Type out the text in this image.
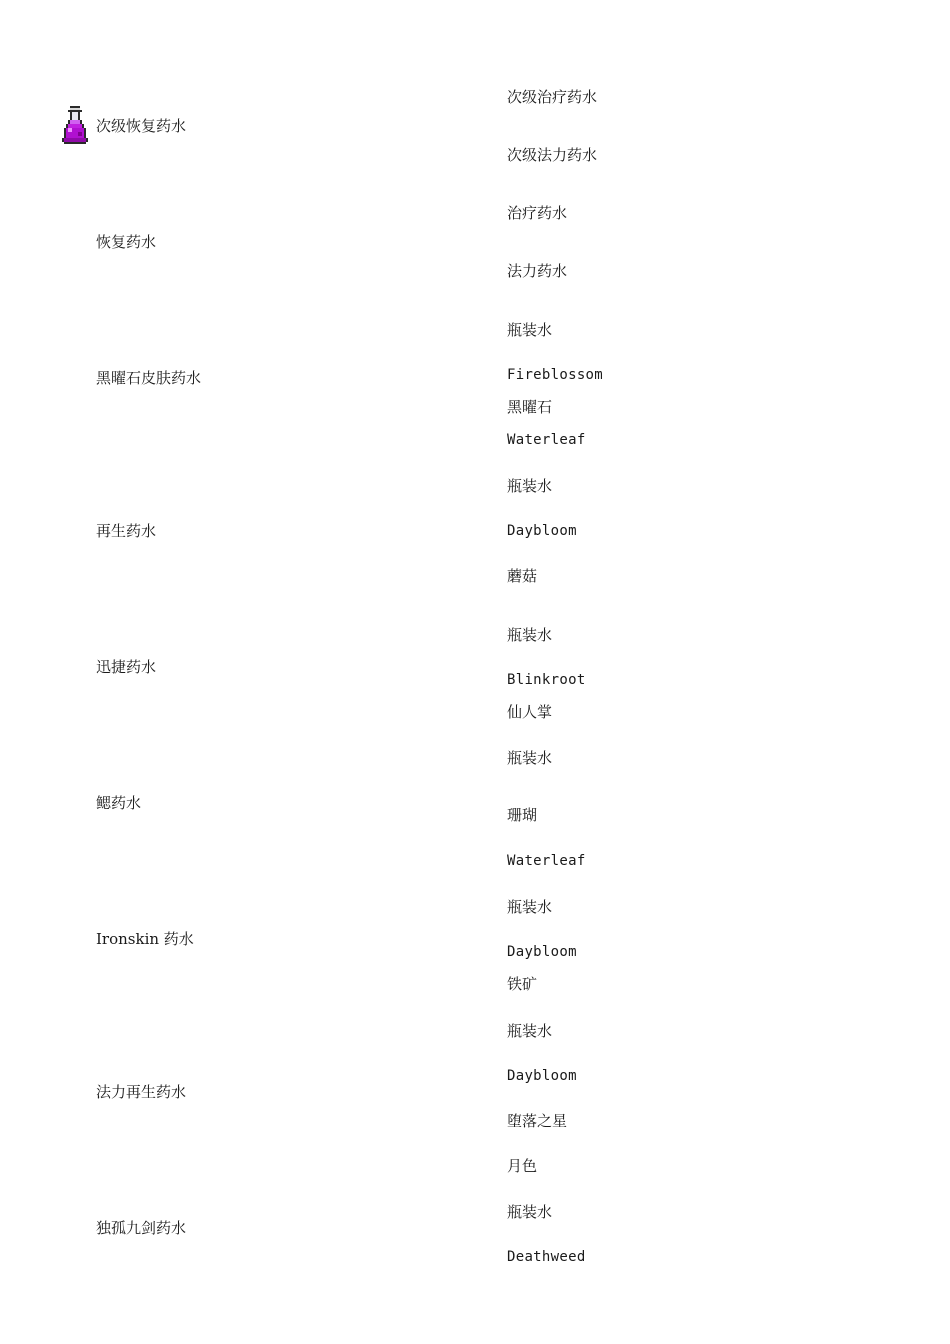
次级恢复药水
恢复药水
黑曜石皮肤药水
再生药水
迅捷药水
鳃药水
Ironskin 药水
法力再生药水
独孤九剑药水
次级治疗药水
次级法力药水
治疗药水
法力药水
瓶装水
Fireblossom
黑曜石
Waterleaf
瓶装水
Daybloom
蘑菇
瓶装水
Blinkroot
仙人掌
瓶装水
珊瑚
Waterleaf
瓶装水
Daybloom
铁矿
瓶装水
Daybloom
堕落之星
月色
瓶装水
Deathweed
